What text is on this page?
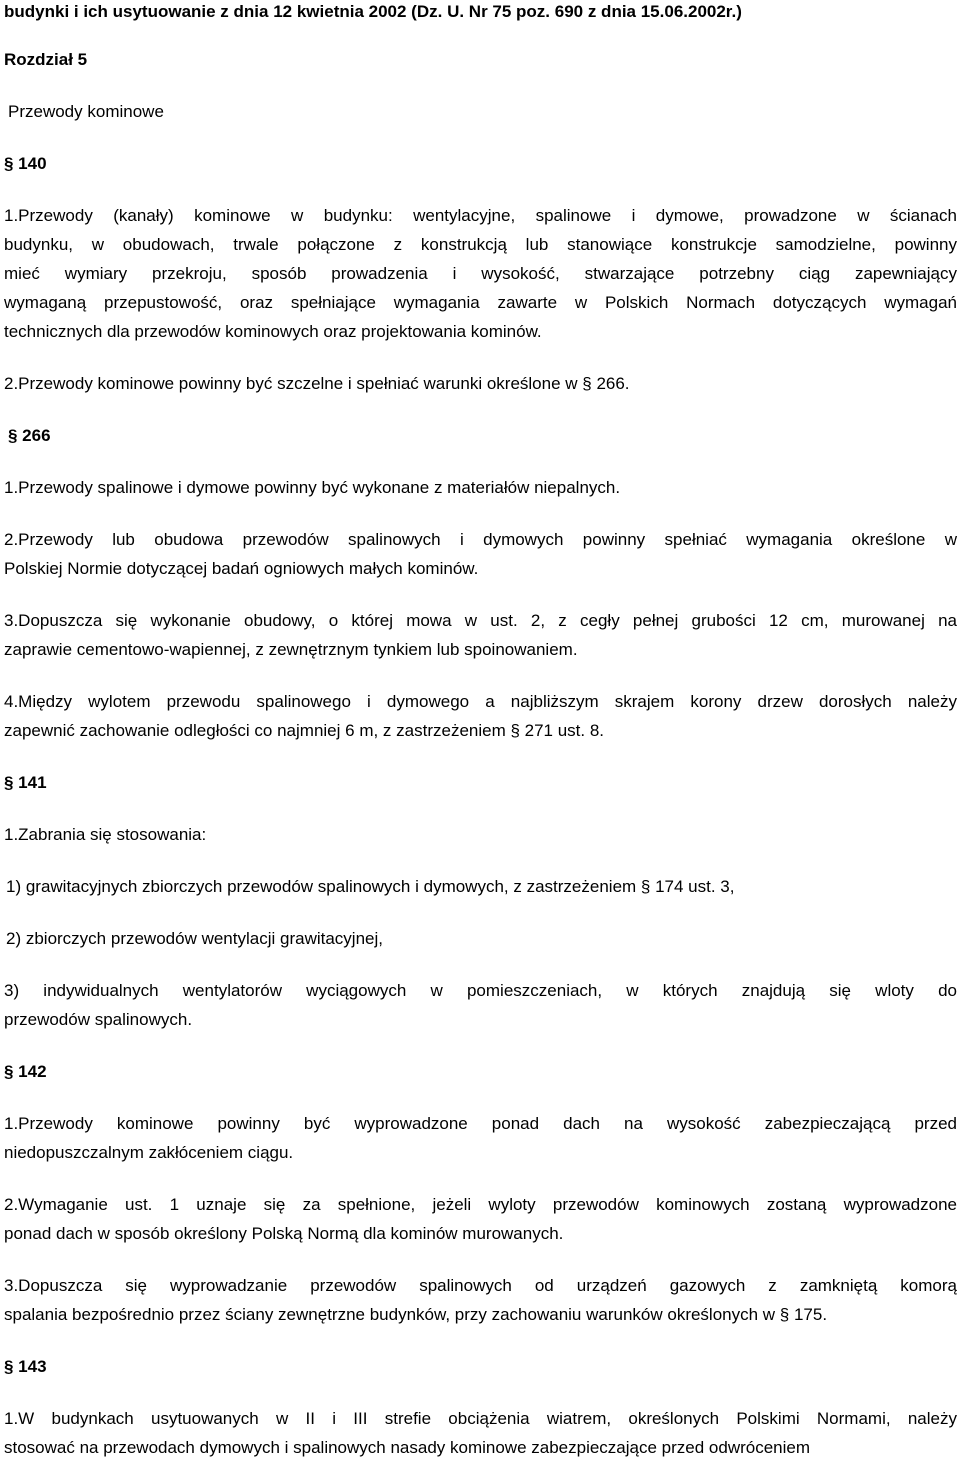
budynki i ich usytuowanie z dnia 12 kwietnia 2002 (Dz. U. Nr 75 poz. 690 z dnia 15.06.2002r.)
Rozdział 5
Przewody kominowe
§ 140
1.Przewody (kanały) kominowe w budynku: wentylacyjne, spalinowe i dymowe, prowadzone w ścianach
budynku, w obudowach, trwale połączone z konstrukcją lub stanowiące konstrukcje samodzielne, powinny
mieć wymiary przekroju, sposób prowadzenia i wysokość, stwarzające potrzebny ciąg zapewniający
wymaganą przepustowość, oraz spełniające wymagania zawarte w Polskich Normach dotyczących wymagań
technicznych dla przewodów kominowych oraz projektowania kominów.
2.Przewody kominowe powinny być szczelne i spełniać warunki określone w § 266.
§ 266
1.Przewody spalinowe i dymowe powinny być wykonane z materiałów niepalnych.
2.Przewody lub obudowa przewodów spalinowych i dymowych powinny spełniać wymagania określone w
Polskiej Normie dotyczącej badań ogniowych małych kominów.
3.Dopuszcza się wykonanie obudowy, o której mowa w ust. 2, z cegły pełnej grubości 12 cm, murowanej na
zaprawie cementowo-wapiennej, z zewnętrznym tynkiem lub spoinowaniem.
4.Między wylotem przewodu spalinowego i dymowego a najbliższym skrajem korony drzew dorosłych należy
zapewnić zachowanie odległości co najmniej 6 m, z zastrzeżeniem § 271 ust. 8.
§ 141
1.Zabrania się stosowania:
1) grawitacyjnych zbiorczych przewodów spalinowych i dymowych, z zastrzeżeniem § 174 ust. 3,
2) zbiorczych przewodów wentylacji grawitacyjnej,
3) indywidualnych wentylatorów wyciągowych w pomieszczeniach, w których znajdują się wloty do
przewodów spalinowych.
§ 142
1.Przewody kominowe powinny być wyprowadzone ponad dach na wysokość zabezpieczającą przed
niedopuszczalnym zakłóceniem ciągu.
2.Wymaganie ust. 1 uznaje się za spełnione, jeżeli wyloty przewodów kominowych zostaną wyprowadzone
ponad dach w sposób określony Polską Normą dla kominów murowanych.
3.Dopuszcza się wyprowadzanie przewodów spalinowych od urządzeń gazowych z zamkniętą komorą
spalania bezpośrednio przez ściany zewnętrzne budynków, przy zachowaniu warunków określonych w § 175.
§ 143
1.W budynkach usytuowanych w II i III strefie obciążenia wiatrem, określonych Polskimi Normami, należy
stosować na przewodach dymowych i spalinowych nasady kominowe zabezpieczające przed odwróceniem
